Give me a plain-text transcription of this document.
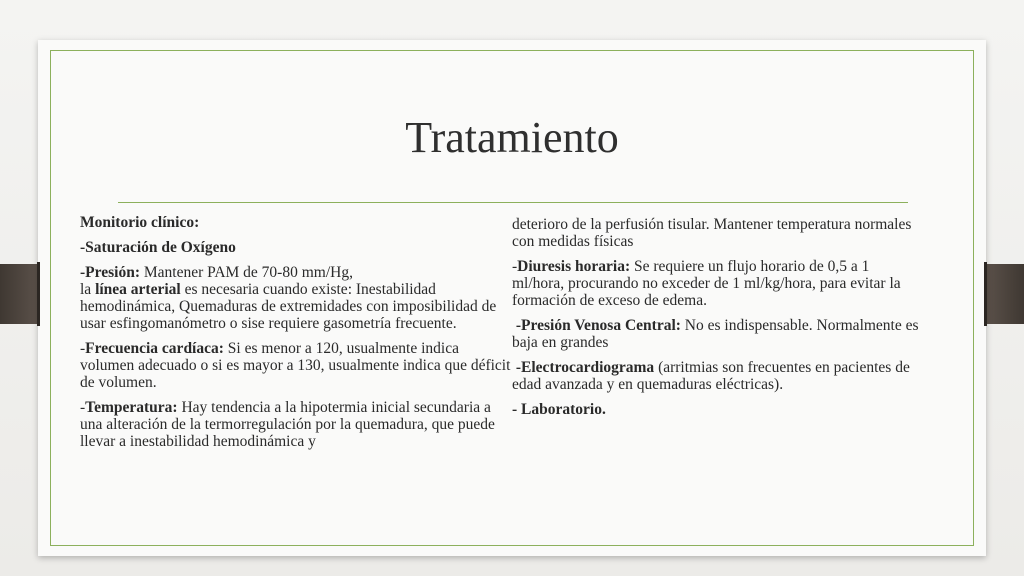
Tratamiento

Monitorio clínico:

-Saturación de Oxígeno

-Presión: Mantener PAM de 70-80 mm/Hg,
la línea arterial es necesaria cuando existe: Inestabilidad hemodinámica, Quemaduras de extremidades con imposibilidad de usar esfingomanómetro o sise requiere gasometría frecuente.

-Frecuencia cardíaca: Si es menor a 120, usualmente indica volumen adecuado o si es mayor a 130, usualmente indica que déficit de volumen.

-Temperatura: Hay tendencia a la hipotermia inicial secundaria a una alteración de la termorregulación por la quemadura, que puede llevar a inestabilidad hemodinámica y

deterioro de la perfusión tisular. Mantener temperatura normales con medidas físicas

-Diuresis horaria: Se requiere un flujo horario de 0,5 a 1 ml/hora, procurando no exceder de 1 ml/kg/hora, para evitar la formación de exceso de edema.

-Presión Venosa Central: No es indispensable. Normalmente es baja en grandes

-Electrocardiograma (arritmias son frecuentes en pacientes de edad avanzada y en quemaduras eléctricas).

- Laboratorio.
